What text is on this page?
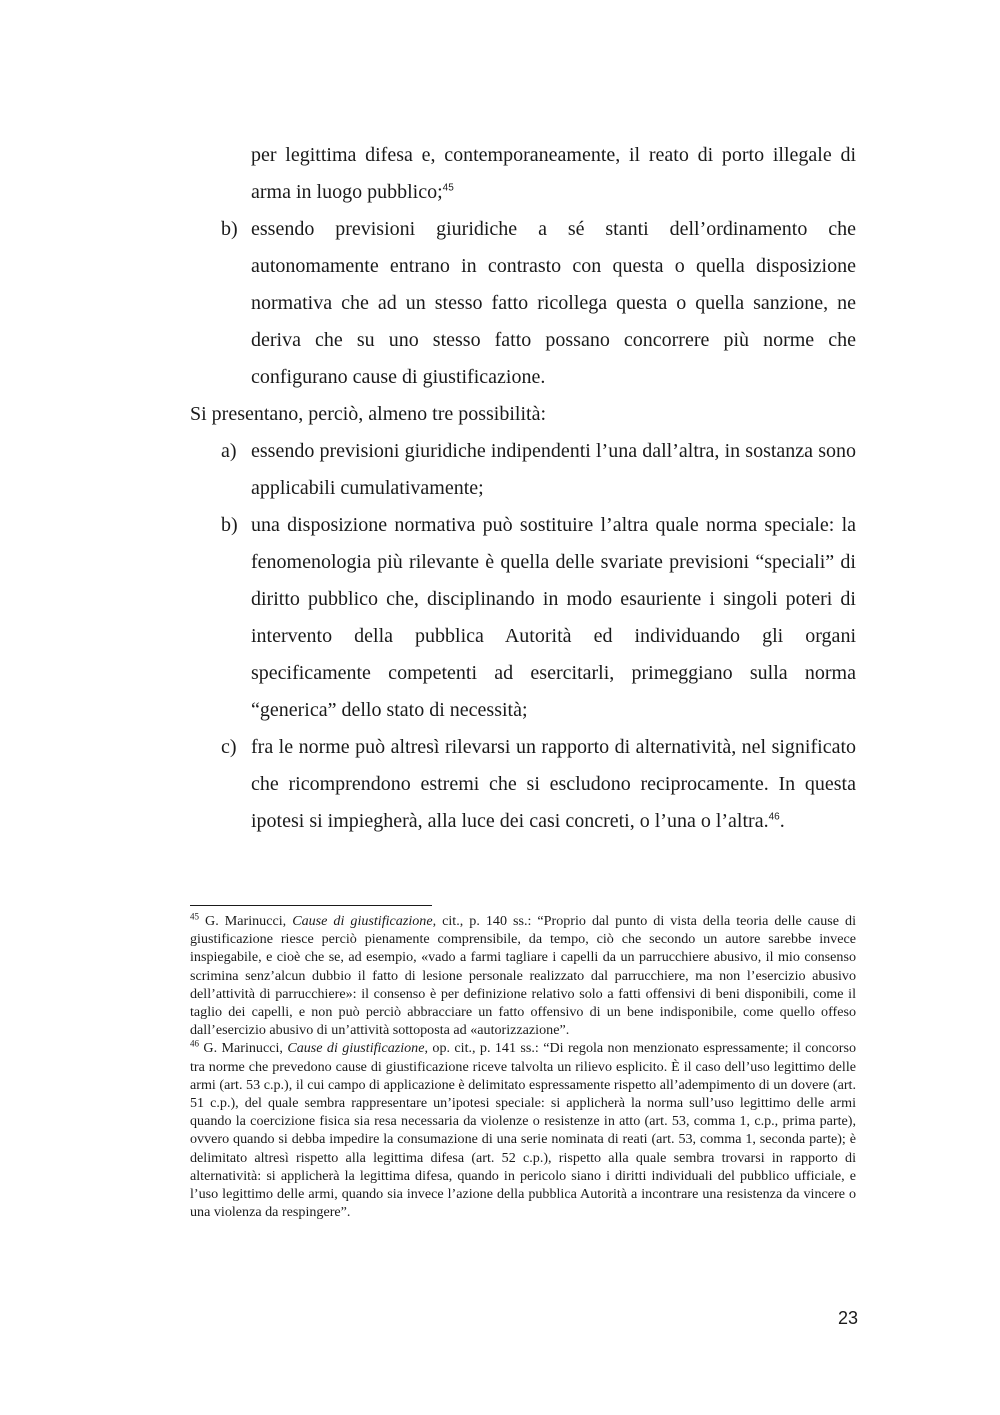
per legittima difesa e, contemporaneamente, il reato di porto illegale di arma in luogo pubblico;$^{45}$
b) essendo previsioni giuridiche a sé stanti dell’ordinamento che autonomamente entrano in contrasto con questa o quella disposizione normativa che ad un stesso fatto ricollega questa o quella sanzione, ne deriva che su uno stesso fatto possano concorrere più norme che configurano cause di giustificazione.
Si presentano, perciò, almeno tre possibilità:
a) essendo previsioni giuridiche indipendenti l’una dall’altra, in sostanza sono applicabili cumulativamente;
b) una disposizione normativa può sostituire l’altra quale norma speciale: la fenomenologia più rilevante è quella delle svariate previsioni “speciali” di diritto pubblico che, disciplinando in modo esauriente i singoli poteri di intervento della pubblica Autorità ed individuando gli organi specificamente competenti ad esercitarli, primeggiano sulla norma “generica” dello stato di necessità;
c) fra le norme può altresì rilevarsi un rapporto di alternatività, nel significato che ricomprendono estremi che si escludono reciprocamente. In questa ipotesi si impiegherà, alla luce dei casi concreti, o l’una o l’altra.$^{46}$.
$^{45}$ G. Marinucci, Cause di giustificazione, cit., p. 140 ss.: “Proprio dal punto di vista della teoria delle cause di giustificazione riesce perciò pienamente comprensibile, da tempo, ciò che secondo un autore sarebbe invece inspiegabile, e cioè che se, ad esempio, «vado a farmi tagliare i capelli da un parrucchiere abusivo, il mio consenso scrimina senz’alcun dubbio il fatto di lesione personale realizzato dal parrucchiere, ma non l’esercizio abusivo dell’attività di parrucchiere»: il consenso è per definizione relativo solo a fatti offensivi di beni disponibili, come il taglio dei capelli, e non può perciò abbracciare un fatto offensivo di un bene indisponibile, come quello offeso dall’esercizio abusivo di un’attività sottoposta ad «autorizzazione”.
$^{46}$ G. Marinucci, Cause di giustificazione, op. cit., p. 141 ss.: “Di regola non menzionato espressamente; il concorso tra norme che prevedono cause di giustificazione riceve talvolta un rilievo esplicito. È il caso dell’uso legittimo delle armi (art. 53 c.p.), il cui campo di applicazione è delimitato espressamente rispetto all’adempimento di un dovere (art. 51 c.p.), del quale sembra rappresentare un’ipotesi speciale: si applicherà la norma sull’uso legittimo delle armi quando la coercizione fisica sia resa necessaria da violenze o resistenze in atto (art. 53, comma 1, c.p., prima parte), ovvero quando si debba impedire la consumazione di una serie nominata di reati (art. 53, comma 1, seconda parte); è delimitato altresì rispetto alla legittima difesa (art. 52 c.p.), rispetto alla quale sembra trovarsi in rapporto di alternatività: si applicherà la legittima difesa, quando in pericolo siano i diritti individuali del pubblico ufficiale, e l’uso legittimo delle armi, quando sia invece l’azione della pubblica Autorità a incontrare una resistenza da vincere o una violenza da respingere”.
23
